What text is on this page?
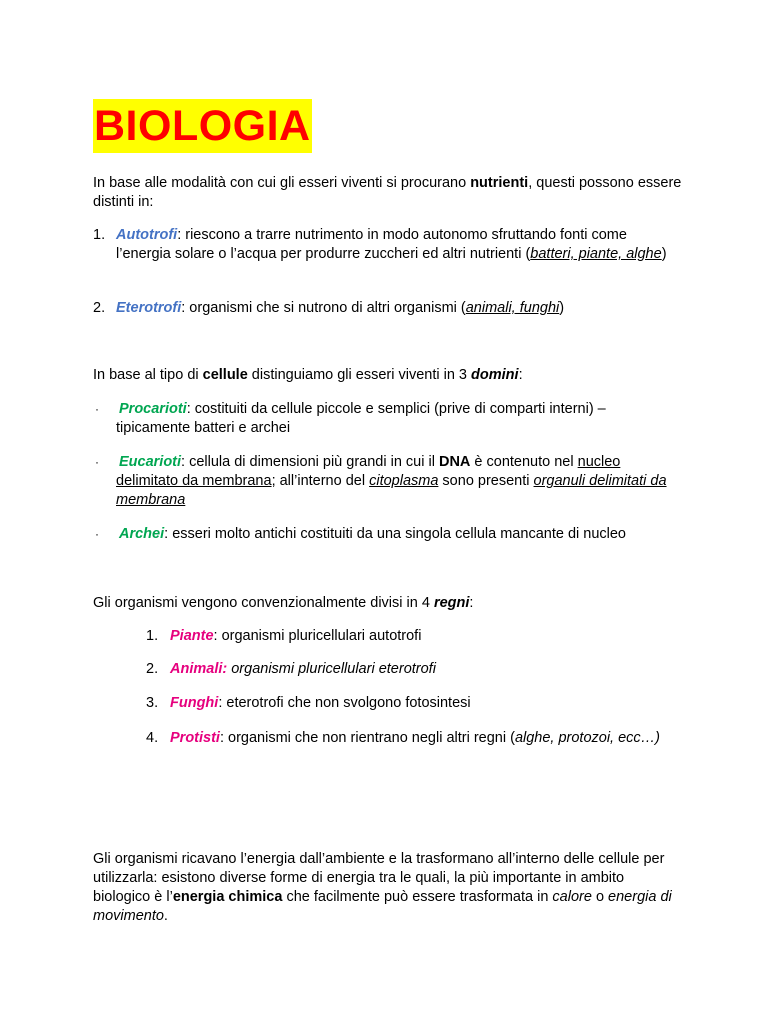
BIOLOGIA
In base alle modalità con cui gli esseri viventi si procurano nutrienti, questi possono essere distinti in:
1. Autotrofi: riescono a trarre nutrimento in modo autonomo sfruttando fonti come l’energia solare o l’acqua per produrre zuccheri ed altri nutrienti (batteri, piante, alghe)
2. Eterotrofi: organismi che si nutrono di altri organismi (animali, funghi)
In base al tipo di cellule distinguiamo gli esseri viventi in 3 domini:
· Procarioti: costituiti da cellule piccole e semplici (prive di comparti interni) – tipicamente batteri e archei
· Eucarioti: cellula di dimensioni più grandi in cui il DNA è contenuto nel nucleo delimitato da membrana; all’interno del citoplasma sono presenti organuli delimitati da membrana
· Archei: esseri molto antichi costituiti da una singola cellula mancante di nucleo
Gli organismi vengono convenzionalmente divisi in 4 regni:
1. Piante: organismi pluricellulari autotrofi
2. Animali: organismi pluricellulari eterotrofi
3. Funghi: eterotrofi che non svolgono fotosintesi
4. Protisti: organismi che non rientrano negli altri regni (alghe, protozoi, ecc…)
Gli organismi ricavano l’energia dall’ambiente e la trasformano all’interno delle cellule per utilizzarla: esistono diverse forme di energia tra le quali, la più importante in ambito biologico è l’energia chimica che facilmente può essere trasformata in calore o energia di movimento.
